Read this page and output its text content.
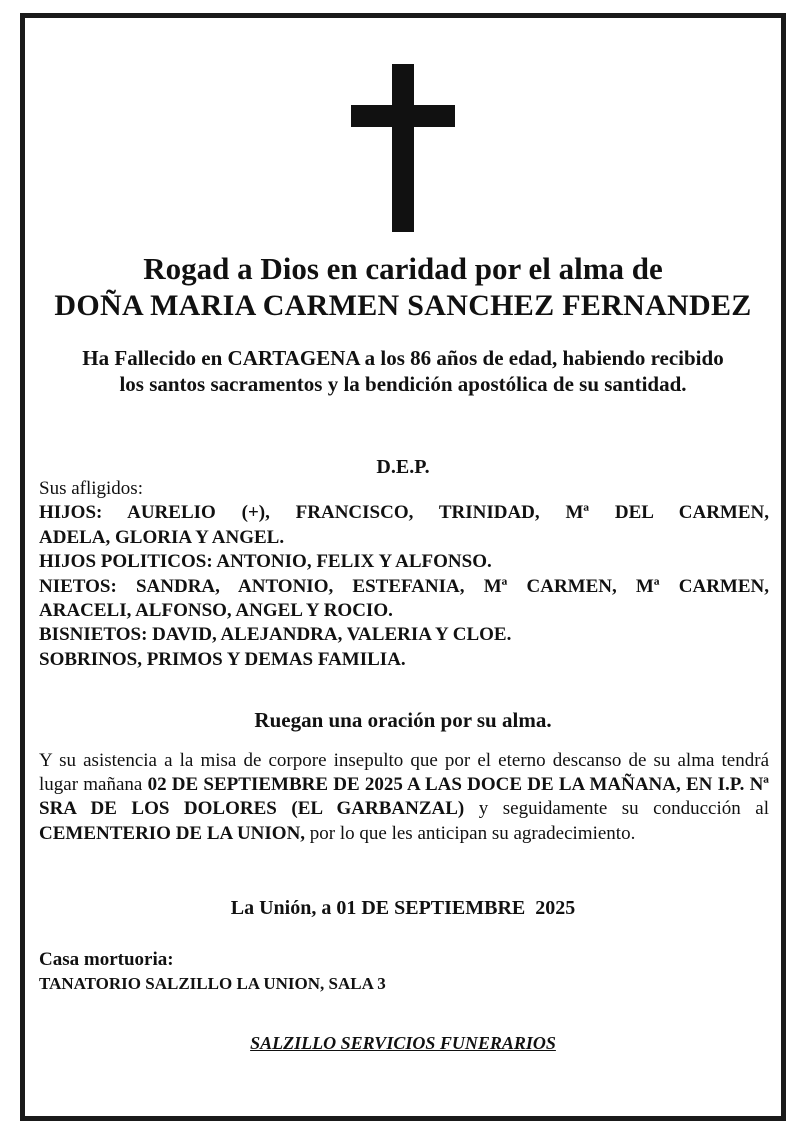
Rogad a Dios en caridad por el alma de

DOÑA MARIA CARMEN SANCHEZ FERNANDEZ

Ha Fallecido en CARTAGENA a los 86 años de edad, habiendo recibido los santos sacramentos y la bendición apostólica de su santidad.

D.E.P.

Sus afligidos:
HIJOS: AURELIO (+), FRANCISCO, TRINIDAD, Mª DEL CARMEN,
ADELA, GLORIA Y ANGEL.
HIJOS POLITICOS: ANTONIO, FELIX Y ALFONSO.
NIETOS: SANDRA, ANTONIO, ESTEFANIA, Mª CARMEN, Mª CARMEN,
ARACELI, ALFONSO, ANGEL Y ROCIO.
BISNIETOS: DAVID, ALEJANDRA, VALERIA Y CLOE.
SOBRINOS, PRIMOS Y DEMAS FAMILIA.

Ruegan una oración por su alma.

Y su asistencia a la misa de corpore insepulto que por el eterno descanso de su alma tendrá lugar mañana 02 DE SEPTIEMBRE DE 2025 A LAS DOCE DE LA MAÑANA, EN I.P. Nª SRA DE LOS DOLORES (EL GARBANZAL) y seguidamente su conducción al CEMENTERIO DE LA UNION, por lo que les anticipan su agradecimiento.

La Unión, a 01 DE SEPTIEMBRE  2025

Casa mortuoria:
TANATORIO SALZILLO LA UNION, SALA 3

SALZILLO SERVICIOS FUNERARIOS
